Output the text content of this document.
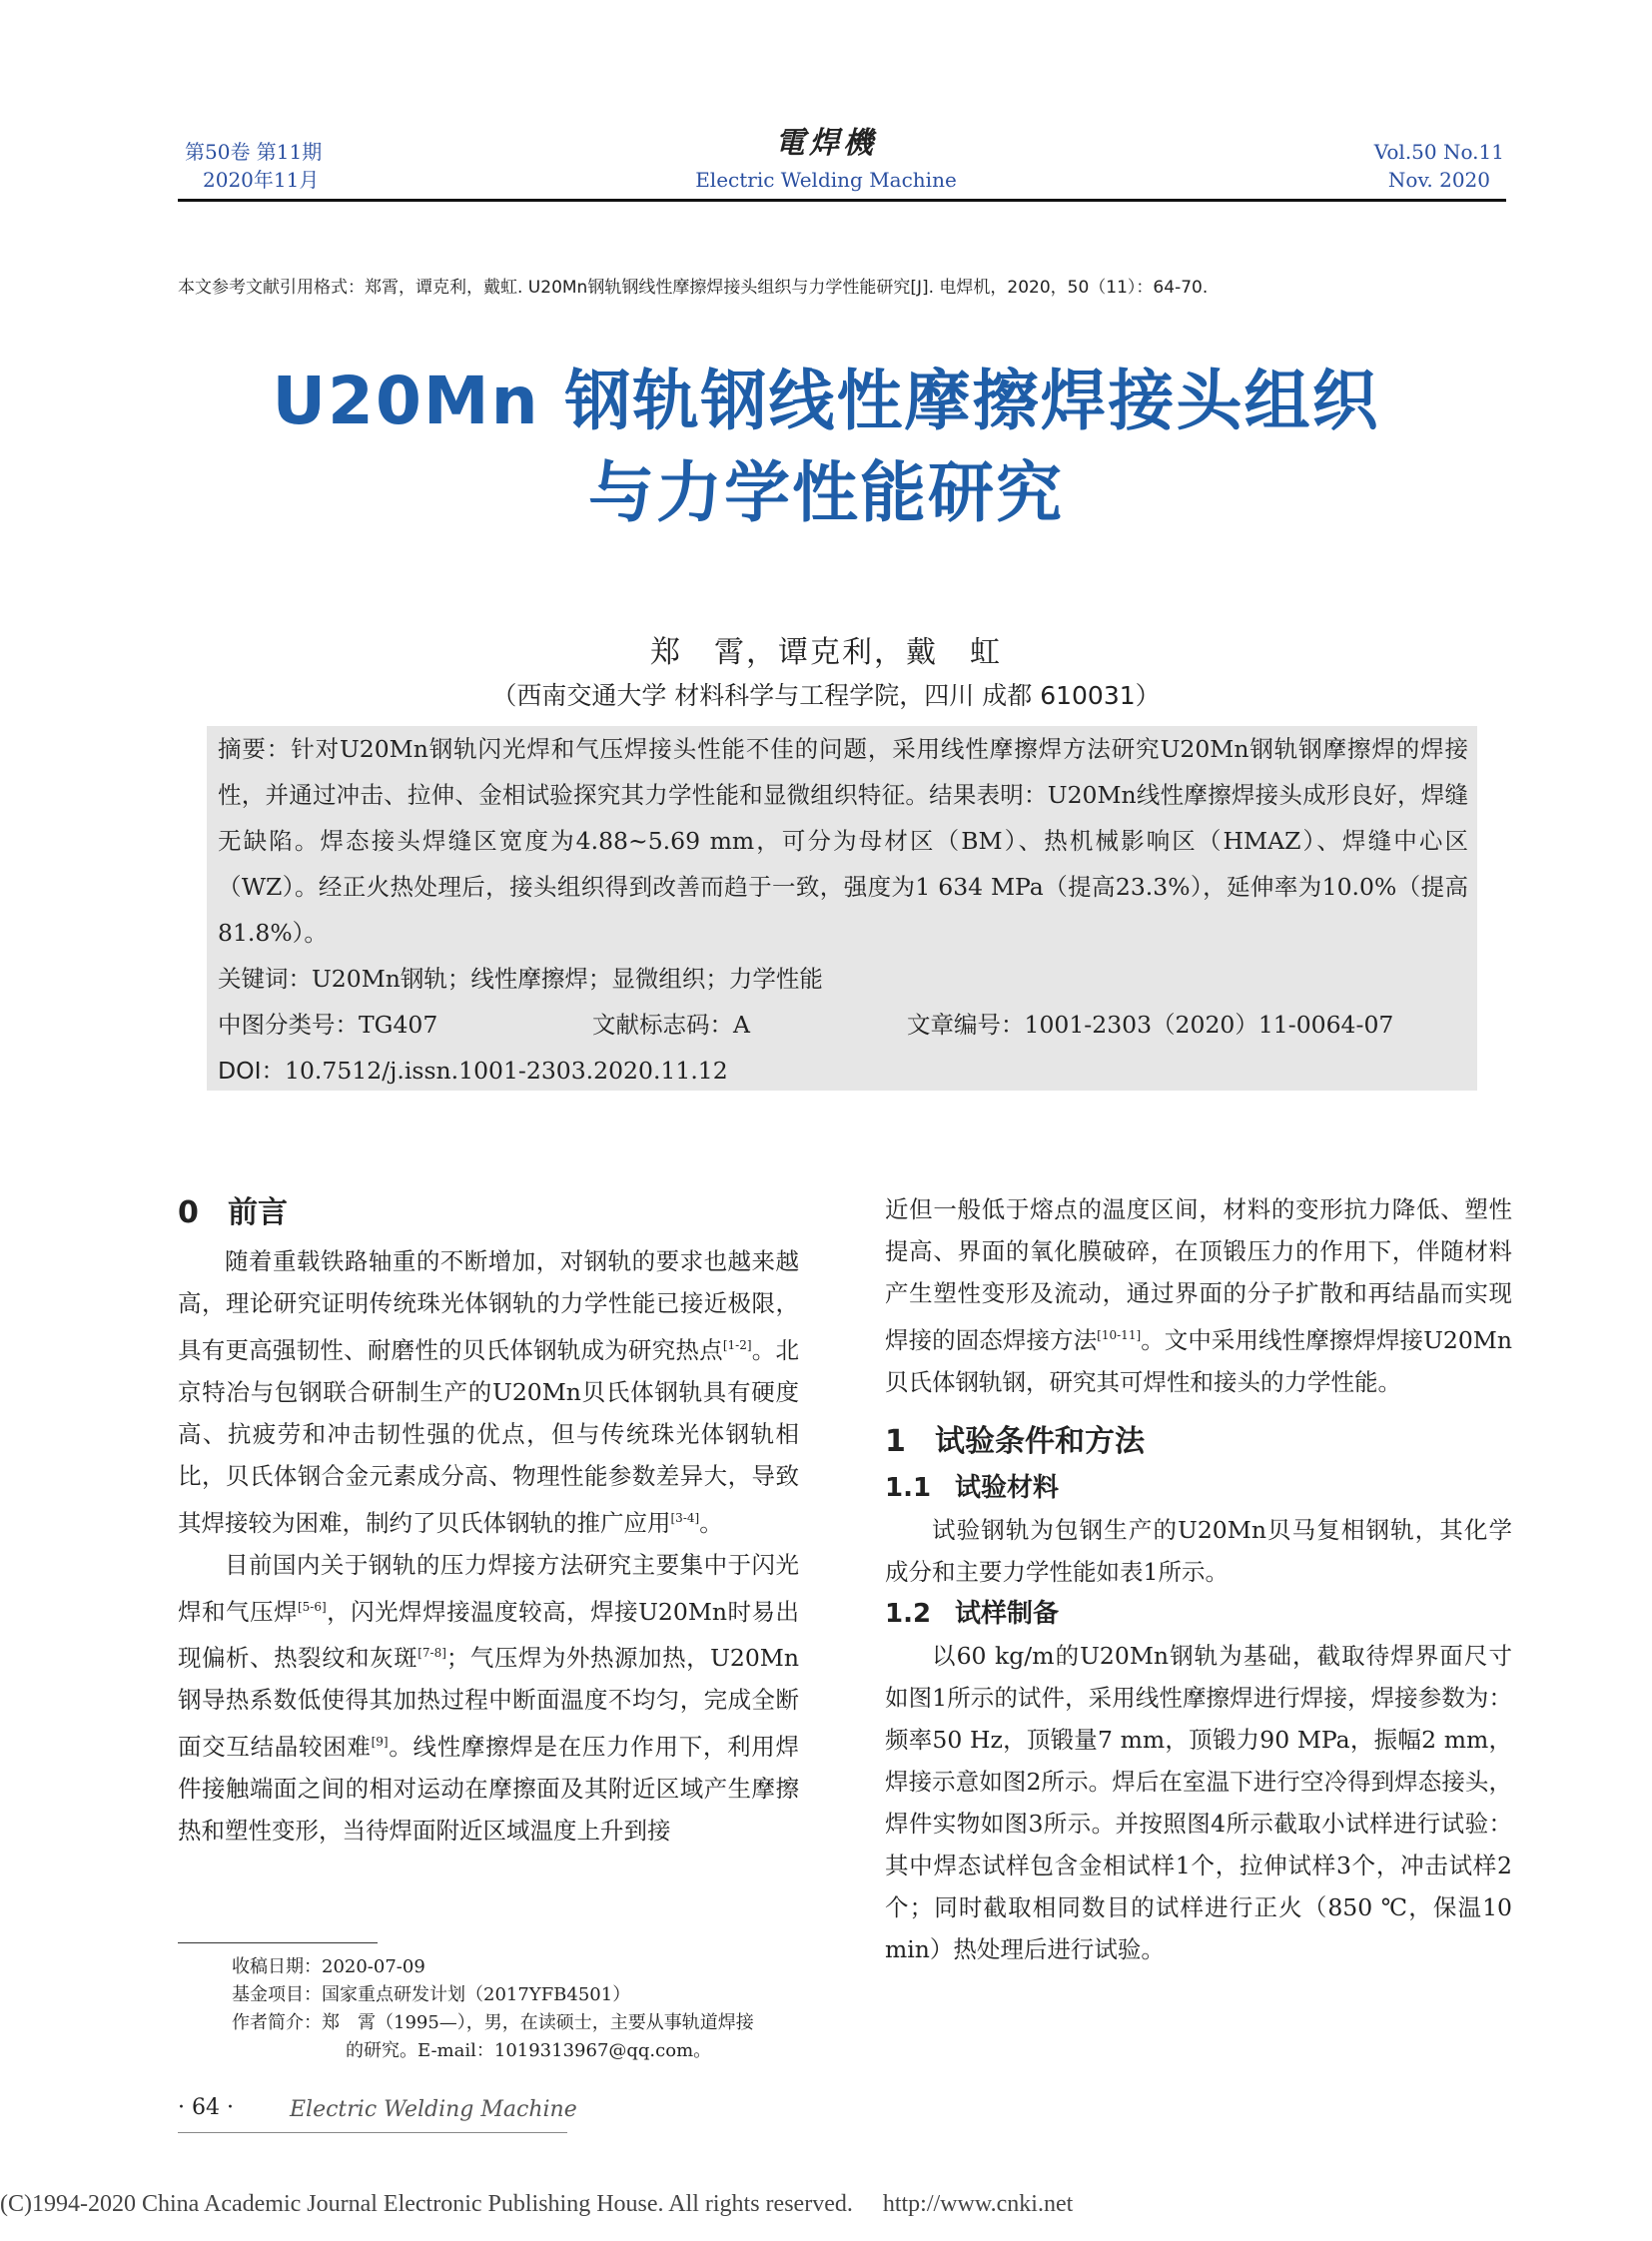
第50卷 第11期
2020年11月
電焊機
Electric Welding Machine
Vol.50 No.11
Nov. 2020
本文参考文献引用格式：郑霄，谭克利，戴虹. U20Mn钢轨钢线性摩擦焊接头组织与力学性能研究[J]. 电焊机，2020，50（11）：64-70.
U20Mn 钢轨钢线性摩擦焊接头组织
与力学性能研究
郑　霄，谭克利，戴　虹
（西南交通大学 材料科学与工程学院，四川 成都 610031）

摘要：针对U20Mn钢轨闪光焊和气压焊接头性能不佳的问题，采用线性摩擦焊方法研究U20Mn钢轨钢摩擦焊的焊接性，并通过冲击、拉伸、金相试验探究其力学性能和显微组织特征。结果表明：U20Mn线性摩擦焊接头成形良好，焊缝无缺陷。焊态接头焊缝区宽度为4.88~5.69 mm，可分为母材区（BM）、热机械影响区（HMAZ）、焊缝中心区（WZ）。经正火热处理后，接头组织得到改善而趋于一致，强度为1 634 MPa（提高23.3%），延伸率为10.0%（提高81.8%）。

关键词：U20Mn钢轨；线性摩擦焊；显微组织；力学性能

中图分类号：TG407	文献标志码：A	文章编号：1001-2303（2020）11-0064-07

DOI：10.7512/j.issn.1001-2303.2020.11.12

0 前言

随着重载铁路轴重的不断增加，对钢轨的要求也越来越高，理论研究证明传统珠光体钢轨的力学性能已接近极限，具有更高强韧性、耐磨性的贝氏体钢轨成为研究热点[1-2]。北京特冶与包钢联合研制生产的U20Mn贝氏体钢轨具有硬度高、抗疲劳和冲击韧性强的优点，但与传统珠光体钢轨相比，贝氏体钢合金元素成分高、物理性能参数差异大，导致其焊接较为困难，制约了贝氏体钢轨的推广应用[3-4]。

目前国内关于钢轨的压力焊接方法研究主要集中于闪光焊和气压焊[5-6]，闪光焊焊接温度较高，焊接U20Mn时易出现偏析、热裂纹和灰斑[7-8]；气压焊为外热源加热，U20Mn钢导热系数低使得其加热过程中断面温度不均匀，完成全断面交互结晶较困难[9]。线性摩擦焊是在压力作用下，利用焊件接触端面之间的相对运动在摩擦面及其附近区域产生摩擦热和塑性变形，当待焊面附近区域温度上升到接

收稿日期：2020-07-09
基金项目：国家重点研发计划（2017YFB4501）
作者简介：郑　霄（1995—），男，在读硕士，主要从事轨道焊接
的研究。E-mail：1019313967@qq.com。

近但一般低于熔点的温度区间，材料的变形抗力降低、塑性提高、界面的氧化膜破碎，在顶锻压力的作用下，伴随材料产生塑性变形及流动，通过界面的分子扩散和再结晶而实现焊接的固态焊接方法[10-11]。文中采用线性摩擦焊焊接U20Mn贝氏体钢轨钢，研究其可焊性和接头的力学性能。

1 试验条件和方法
1.1 试验材料

试验钢轨为包钢生产的U20Mn贝马复相钢轨，其化学成分和主要力学性能如表1所示。

1.2 试样制备

以60 kg/m的U20Mn钢轨为基础，截取待焊界面尺寸如图1所示的试件，采用线性摩擦焊进行焊接，焊接参数为：频率50 Hz，顶锻量7 mm，顶锻力90 MPa，振幅2 mm，焊接示意如图2所示。焊后在室温下进行空冷得到焊态接头，焊件实物如图3所示。并按照图4所示截取小试样进行试验：其中焊态试样包含金相试样1个，拉伸试样3个，冲击试样2个；同时截取相同数目的试样进行正火（850 ℃，保温10 min）热处理后进行试验。

· 64 ·	Electric Welding Machine
(C)1994-2020 China Academic Journal Electronic Publishing House. All rights reserved.　 http://www.cnki.net
